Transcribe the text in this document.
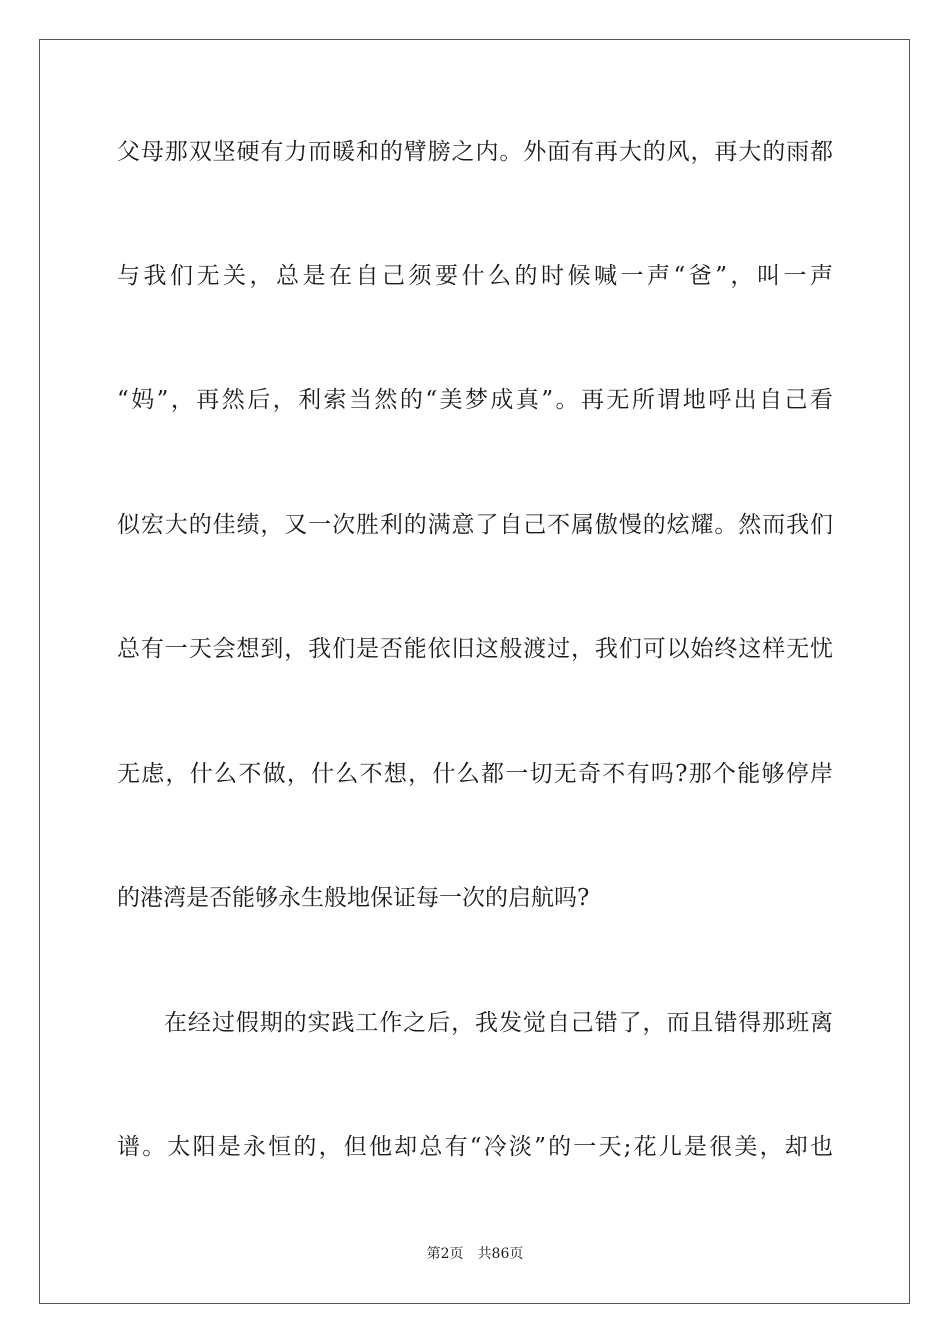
父母那双坚硬有力而暖和的臂膀之内。外面有再大的风，再大的雨都
与我们无关，总是在自己须要什么的时候喊一声“爸”，叫一声
“妈”，再然后，利索当然的“美梦成真”。再无所谓地呼出自己看
似宏大的佳绩，又一次胜利的满意了自己不属傲慢的炫耀。然而我们
总有一天会想到，我们是否能依旧这般渡过，我们可以始终这样无忧
无虑，什么不做，什么不想，什么都一切无奇不有吗?那个能够停岸
的港湾是否能够永生般地保证每一次的启航吗?
在经过假期的实践工作之后，我发觉自己错了，而且错得那班离
谱。太阳是永恒的，但他却总有“冷淡”的一天;花儿是很美，却也
第2页 共86页
